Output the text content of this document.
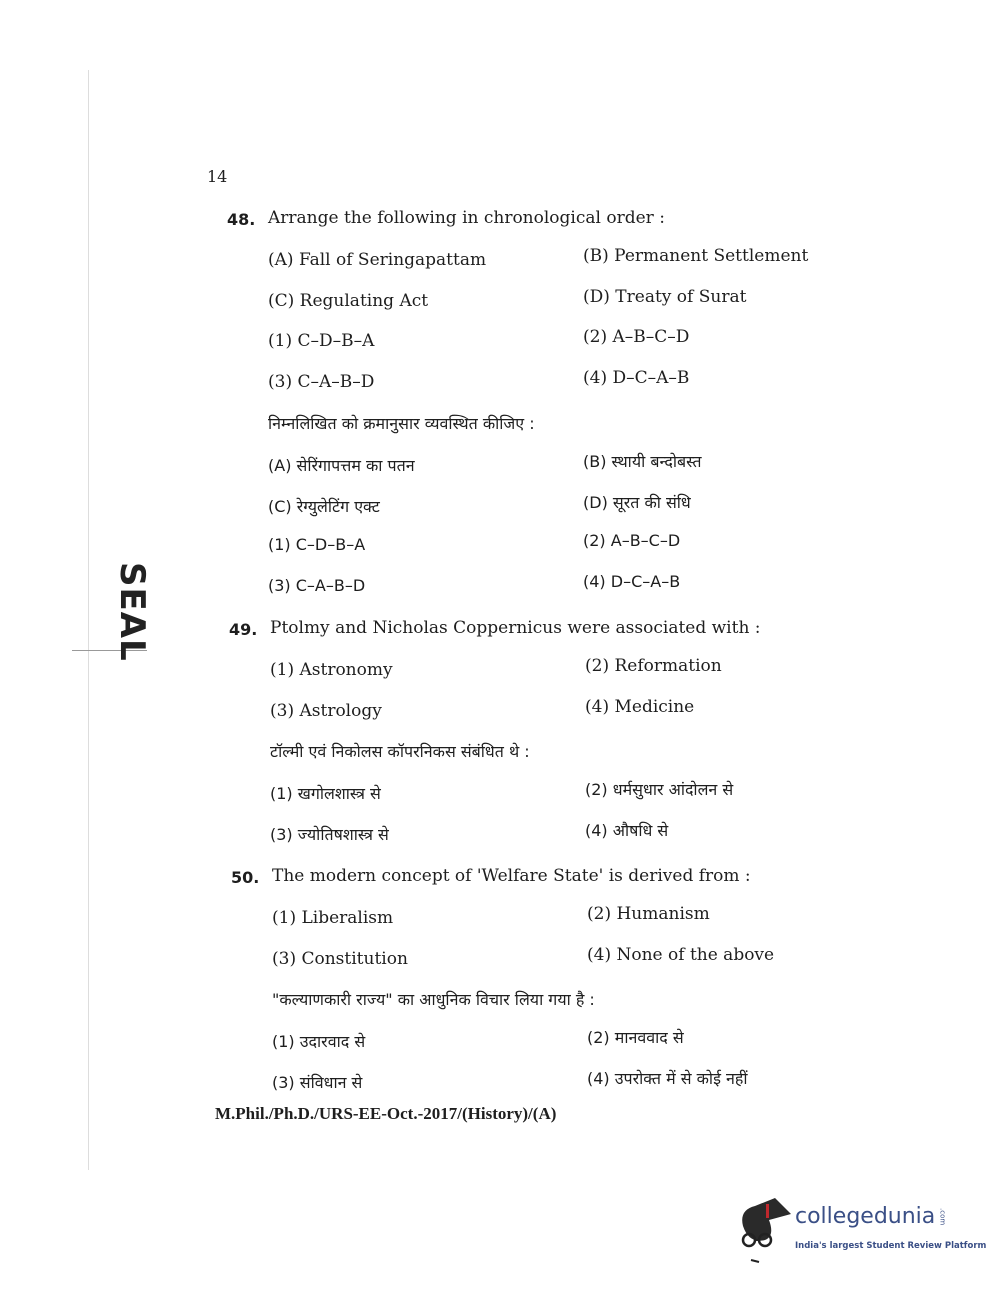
14
SEAL
48. Arrange the following in chronological order :
(A) Fall of Seringapattam	(B) Permanent Settlement
(C) Regulating Act	(D) Treaty of Surat
(1) C–D–B–A	(2) A–B–C–D
(3) C–A–B–D	(4) D–C–A–B
निम्नलिखित को क्रमानुसार व्यवस्थित कीजिए :
(A) सेरिंगापत्तम का पतन	(B) स्थायी बन्दोबस्त
(C) रेग्युलेटिंग एक्ट	(D) सूरत की संधि
(1) C–D–B–A	(2) A–B–C–D
(3) C–A–B–D	(4) D–C–A–B
49. Ptolmy and Nicholas Coppernicus were associated with :
(1) Astronomy	(2) Reformation
(3) Astrology	(4) Medicine
टॉल्मी एवं निकोलस कॉपरनिकस संबंधित थे :
(1) खगोलशास्त्र से	(2) धर्मसुधार आंदोलन से
(3) ज्योतिषशास्त्र से	(4) औषधि से
50. The modern concept of 'Welfare State' is derived from :
(1) Liberalism	(2) Humanism
(3) Constitution	(4) None of the above
"कल्याणकारी राज्य" का आधुनिक विचार लिया गया है :
(1) उदारवाद से	(2) मानववाद से
(3) संविधान से	(4) उपरोक्त में से कोई नहीं
M.Phil./Ph.D./URS-EE-Oct.-2017/(History)/(A)
collegedunia .com
India's largest Student Review Platform
